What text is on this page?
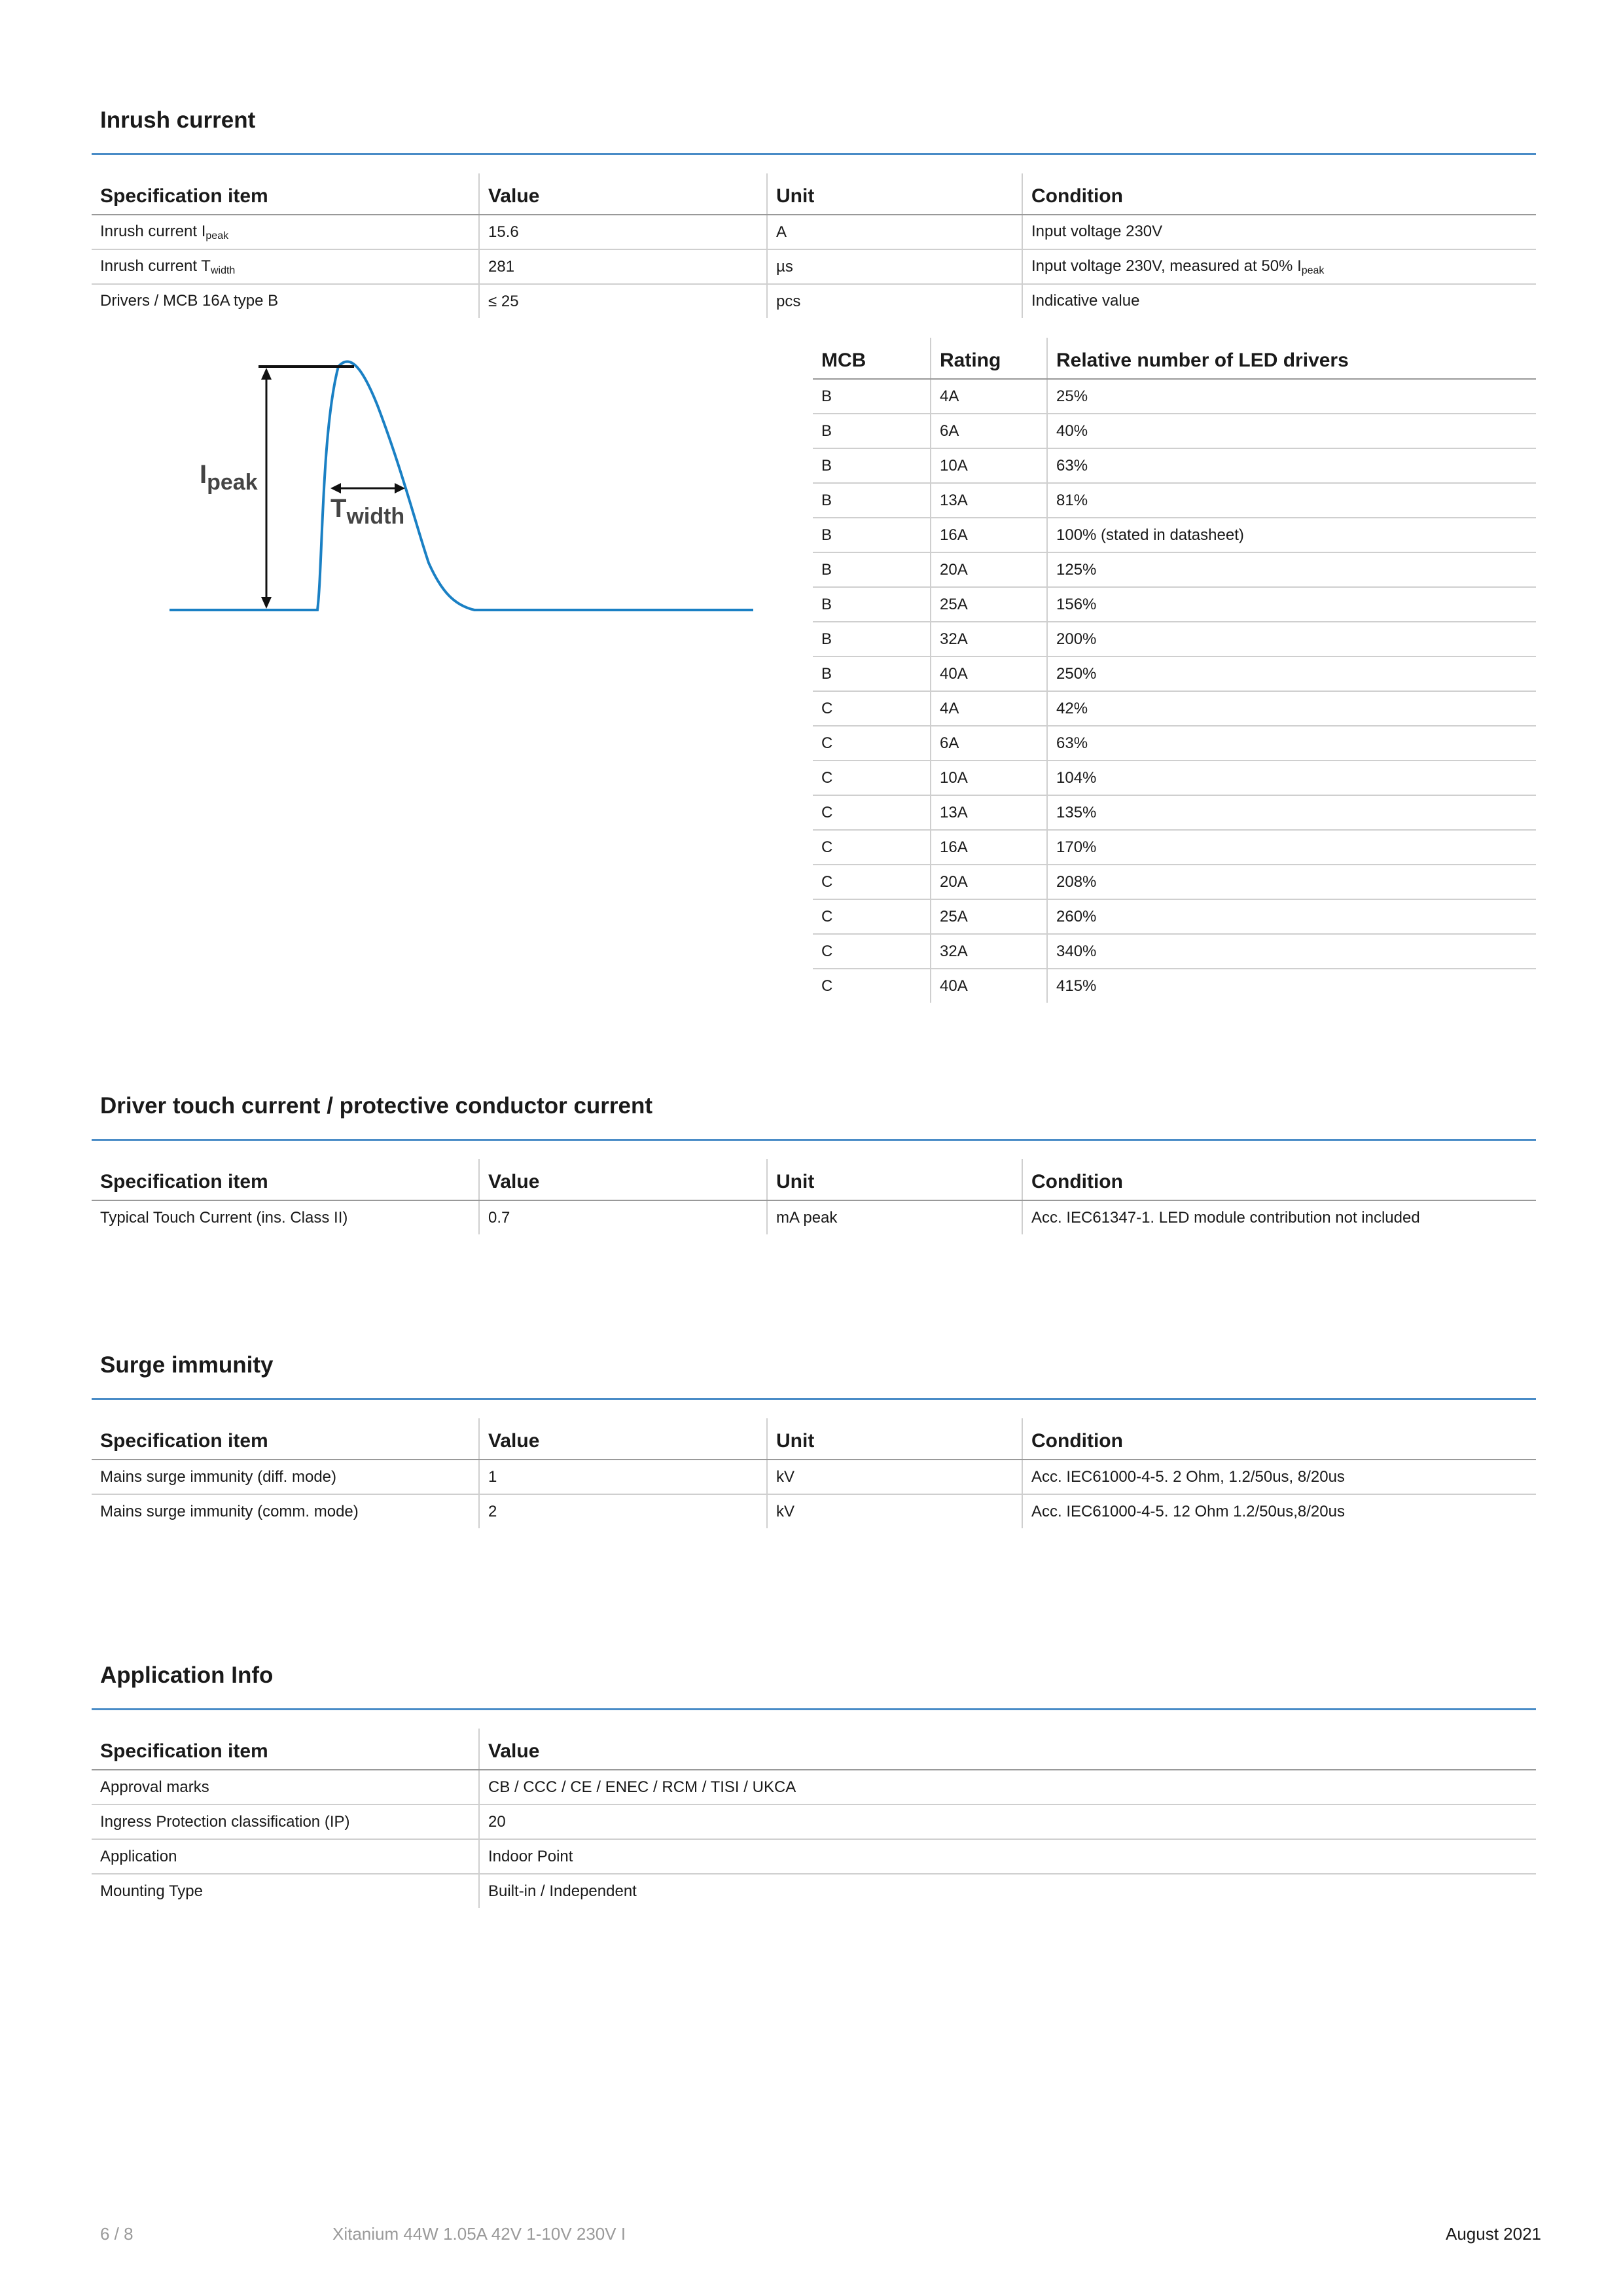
Inrush current
Specification item	Value	Unit	Condition
Inrush current $I_{peak}$	15.6	A	Input voltage 230V
Inrush current $T_{width}$	281	µs	Input voltage 230V, measured at 50% $I_{peak}$
Drivers / MCB 16A type B	≤ 25	pcs	Indicative value
$I_{peak}$
$T_{width}$
MCB	Rating	Relative number of LED drivers
B	4A	25%
B	6A	40%
B	10A	63%
B	13A	81%
B	16A	100% (stated in datasheet)
B	20A	125%
B	25A	156%
B	32A	200%
B	40A	250%
C	4A	42%
C	6A	63%
C	10A	104%
C	13A	135%
C	16A	170%
C	20A	208%
C	25A	260%
C	32A	340%
C	40A	415%
Driver touch current / protective conductor current
Specification item	Value	Unit	Condition
Typical Touch Current (ins. Class II)	0.7	mA peak	Acc. IEC61347-1. LED module contribution not included
Surge immunity
Specification item	Value	Unit	Condition
Mains surge immunity (diff. mode)	1	kV	Acc. IEC61000-4-5. 2 Ohm, 1.2/50us, 8/20us
Mains surge immunity (comm. mode)	2	kV	Acc. IEC61000-4-5. 12 Ohm 1.2/50us,8/20us
Application Info
Specification item	Value
Approval marks	CB / CCC / CE / ENEC / RCM / TISI / UKCA
Ingress Protection classification (IP)	20
Application	Indoor Point
Mounting Type	Built-in / Independent
6 / 8	Xitanium 44W 1.05A 42V 1-10V 230V I	August 2021
